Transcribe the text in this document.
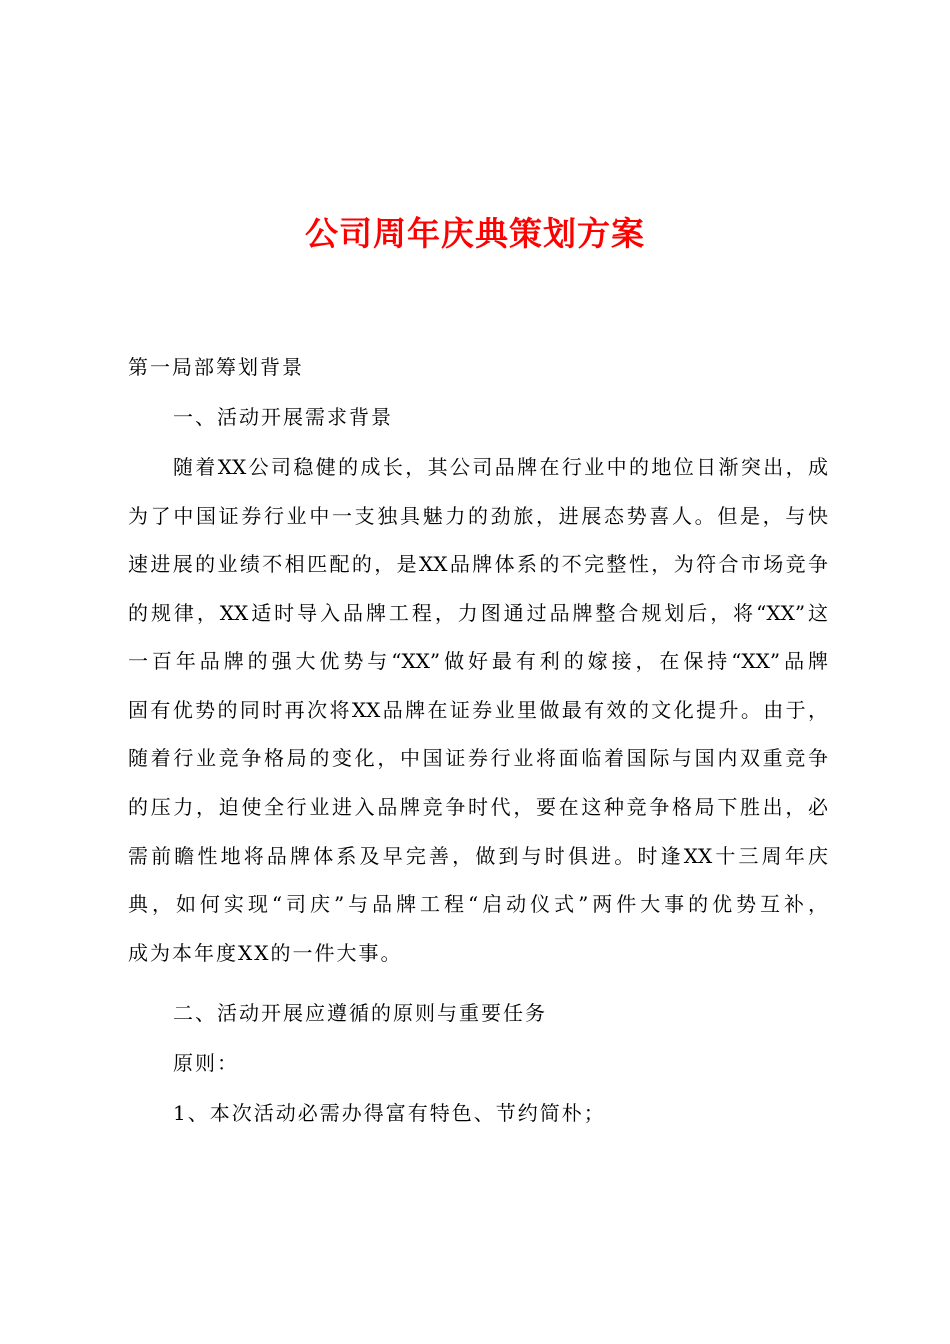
公司周年庆典策划方案
第一局部筹划背景
一、活动开展需求背景
随着XX公司稳健的成长，其公司品牌在行业中的地位日渐突出，成
为了中国证券行业中一支独具魅力的劲旅，进展态势喜人。但是，与快
速进展的业绩不相匹配的，是XX品牌体系的不完整性，为符合市场竞争
的规律，XX适时导入品牌工程，力图通过品牌整合规划后，将“XX”这
一百年品牌的强大优势与“XX”做好最有利的嫁接，在保持“XX”品牌
固有优势的同时再次将XX品牌在证券业里做最有效的文化提升。由于，
随着行业竞争格局的变化，中国证券行业将面临着国际与国内双重竞争
的压力，迫使全行业进入品牌竞争时代，要在这种竞争格局下胜出，必
需前瞻性地将品牌体系及早完善，做到与时俱进。时逢XX十三周年庆
典，如何实现“司庆”与品牌工程“启动仪式”两件大事的优势互补，
成为本年度XX的一件大事。
二、活动开展应遵循的原则与重要任务
原则：
1、本次活动必需办得富有特色、节约简朴；
